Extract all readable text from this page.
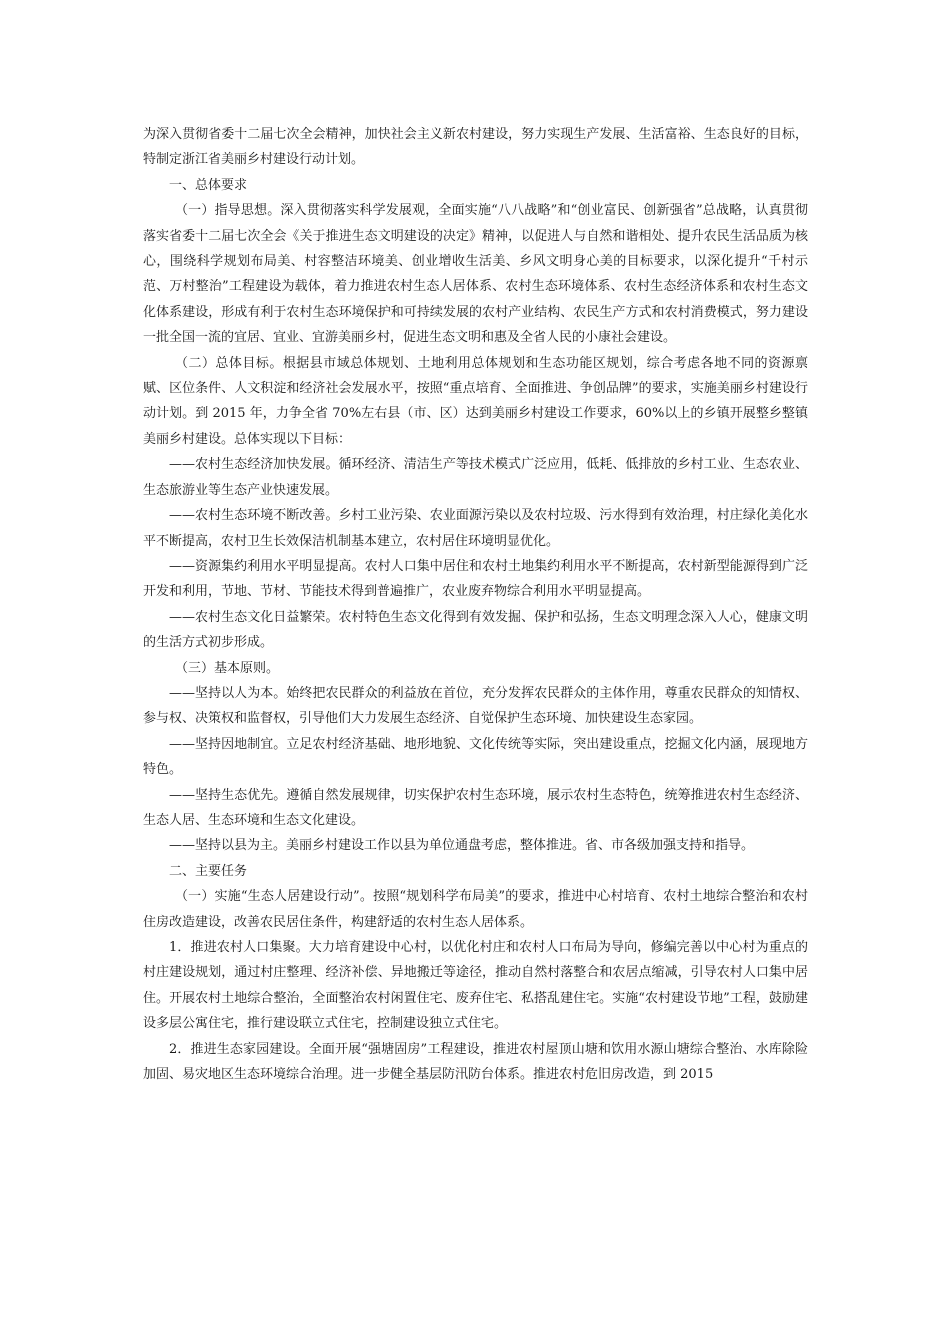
为深入贯彻省委十二届七次全会精神，加快社会主义新农村建设，努力实现生产发展、生活富裕、生态良好的目标，特制定浙江省美丽乡村建设行动计划。

一、总体要求

（一）指导思想。深入贯彻落实科学发展观，全面实施“八八战略”和“创业富民、创新强省”总战略，认真贯彻落实省委十二届七次全会《关于推进生态文明建设的决定》精神，以促进人与自然和谐相处、提升农民生活品质为核心，围绕科学规划布局美、村容整洁环境美、创业增收生活美、乡风文明身心美的目标要求，以深化提升“千村示范、万村整治”工程建设为载体，着力推进农村生态人居体系、农村生态环境体系、农村生态经济体系和农村生态文化体系建设，形成有利于农村生态环境保护和可持续发展的农村产业结构、农民生产方式和农村消费模式，努力建设一批全国一流的宜居、宜业、宜游美丽乡村，促进生态文明和惠及全省人民的小康社会建设。

（二）总体目标。根据县市域总体规划、土地利用总体规划和生态功能区规划，综合考虑各地不同的资源禀赋、区位条件、人文积淀和经济社会发展水平，按照“重点培育、全面推进、争创品牌”的要求，实施美丽乡村建设行动计划。到 2015 年，力争全省 70%左右县（市、区）达到美丽乡村建设工作要求，60%以上的乡镇开展整乡整镇美丽乡村建设。总体实现以下目标：

——农村生态经济加快发展。循环经济、清洁生产等技术模式广泛应用，低耗、低排放的乡村工业、生态农业、生态旅游业等生态产业快速发展。

——农村生态环境不断改善。乡村工业污染、农业面源污染以及农村垃圾、污水得到有效治理，村庄绿化美化水平不断提高，农村卫生长效保洁机制基本建立，农村居住环境明显优化。

——资源集约利用水平明显提高。农村人口集中居住和农村土地集约利用水平不断提高，农村新型能源得到广泛开发和利用，节地、节材、节能技术得到普遍推广，农业废弃物综合利用水平明显提高。

——农村生态文化日益繁荣。农村特色生态文化得到有效发掘、保护和弘扬，生态文明理念深入人心，健康文明的生活方式初步形成。

（三）基本原则。

——坚持以人为本。始终把农民群众的利益放在首位，充分发挥农民群众的主体作用，尊重农民群众的知情权、参与权、决策权和监督权，引导他们大力发展生态经济、自觉保护生态环境、加快建设生态家园。

——坚持因地制宜。立足农村经济基础、地形地貌、文化传统等实际，突出建设重点，挖掘文化内涵，展现地方特色。

——坚持生态优先。遵循自然发展规律，切实保护农村生态环境，展示农村生态特色，统筹推进农村生态经济、生态人居、生态环境和生态文化建设。

——坚持以县为主。美丽乡村建设工作以县为单位通盘考虑，整体推进。省、市各级加强支持和指导。

二、主要任务

（一）实施“生态人居建设行动”。按照“规划科学布局美”的要求，推进中心村培育、农村土地综合整治和农村住房改造建设，改善农民居住条件，构建舒适的农村生态人居体系。

1．推进农村人口集聚。大力培育建设中心村，以优化村庄和农村人口布局为导向，修编完善以中心村为重点的村庄建设规划，通过村庄整理、经济补偿、异地搬迁等途径，推动自然村落整合和农居点缩减，引导农村人口集中居住。开展农村土地综合整治，全面整治农村闲置住宅、废弃住宅、私搭乱建住宅。实施“农村建设节地”工程，鼓励建设多层公寓住宅，推行建设联立式住宅，控制建设独立式住宅。

2．推进生态家园建设。全面开展“强塘固房”工程建设，推进农村屋顶山塘和饮用水源山塘综合整治、水库除险加固、易灾地区生态环境综合治理。进一步健全基层防汛防台体系。推进农村危旧房改造，到 2015
